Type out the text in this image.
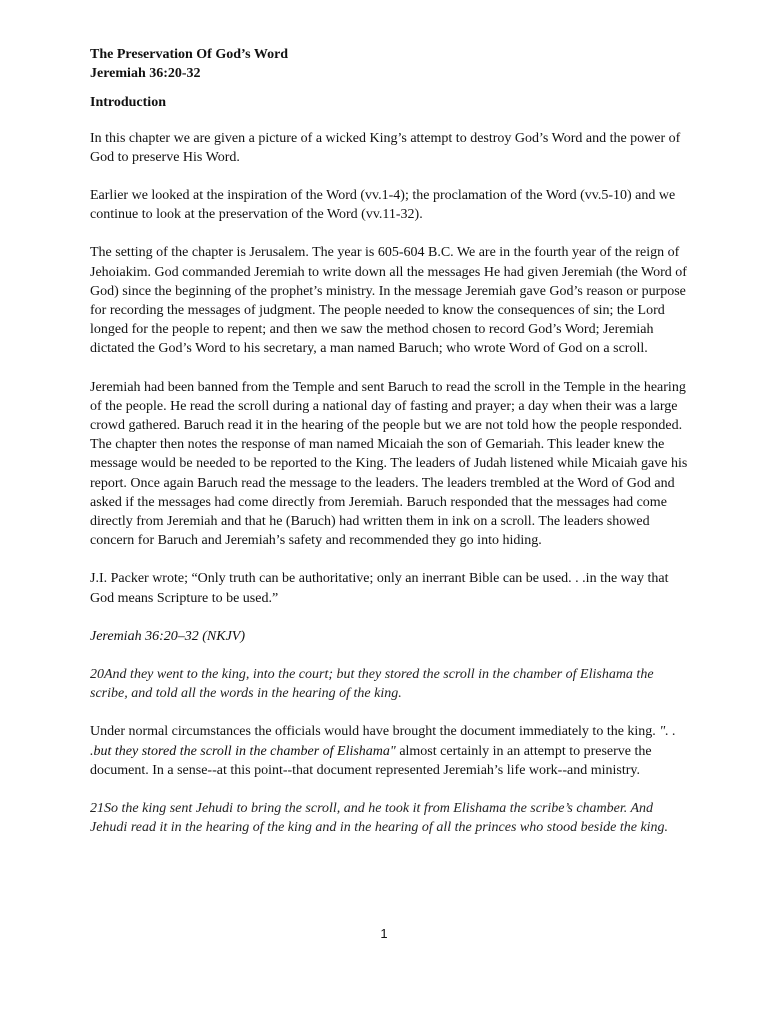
The Preservation Of God’s Word
Jeremiah 36:20-32
Introduction

In this chapter we are given a picture of a wicked King’s attempt to destroy God’s Word and the power of God to preserve His Word.

Earlier we looked at the inspiration of the Word (vv.1-4); the proclamation of the Word (vv.5-10) and we continue to look at the preservation of the Word (vv.11-32).

The setting of the chapter is Jerusalem. The year is 605-604 B.C. We are in the fourth year of the reign of Jehoiakim. God commanded Jeremiah to write down all the messages He had given Jeremiah (the Word of God) since the beginning of the prophet’s ministry. In the message Jeremiah gave God’s reason or purpose for recording the messages of judgment. The people needed to know the consequences of sin; the Lord longed for the people to repent; and then we saw the method chosen to record God’s Word; Jeremiah dictated the God’s Word to his secretary, a man named Baruch; who wrote Word of God on a scroll.

Jeremiah had been banned from the Temple and sent Baruch to read the scroll in the Temple in the hearing of the people. He read the scroll during a national day of fasting and prayer; a day when their was a large crowd gathered. Baruch read it in the hearing of the people but we are not told how the people responded. The chapter then notes the response of man named Micaiah the son of Gemariah. This leader knew the message would be needed to be reported to the King. The leaders of Judah listened while Micaiah gave his report. Once again Baruch read the message to the leaders. The leaders trembled at the Word of God and asked if the messages had come directly from Jeremiah. Baruch responded that the messages had come directly from Jeremiah and that he (Baruch) had written them in ink on a scroll. The leaders showed concern for Baruch and Jeremiah’s safety and recommended they go into hiding.

J.I. Packer wrote; “Only truth can be authoritative; only an inerrant Bible can be used. . .in the way that God means Scripture to be used.”

Jeremiah 36:20–32 (NKJV)

20And they went to the king, into the court; but they stored the scroll in the chamber of Elishama the scribe, and told all the words in the hearing of the king.

Under normal circumstances the officials would have brought the document immediately to the king. ". . .but they stored the scroll in the chamber of Elishama" almost certainly in an attempt to preserve the document. In a sense--at this point--that document represented Jeremiah’s life work--and ministry.

21So the king sent Jehudi to bring the scroll, and he took it from Elishama the scribe’s chamber. And Jehudi read it in the hearing of the king and in the hearing of all the princes who stood beside the king.

1
